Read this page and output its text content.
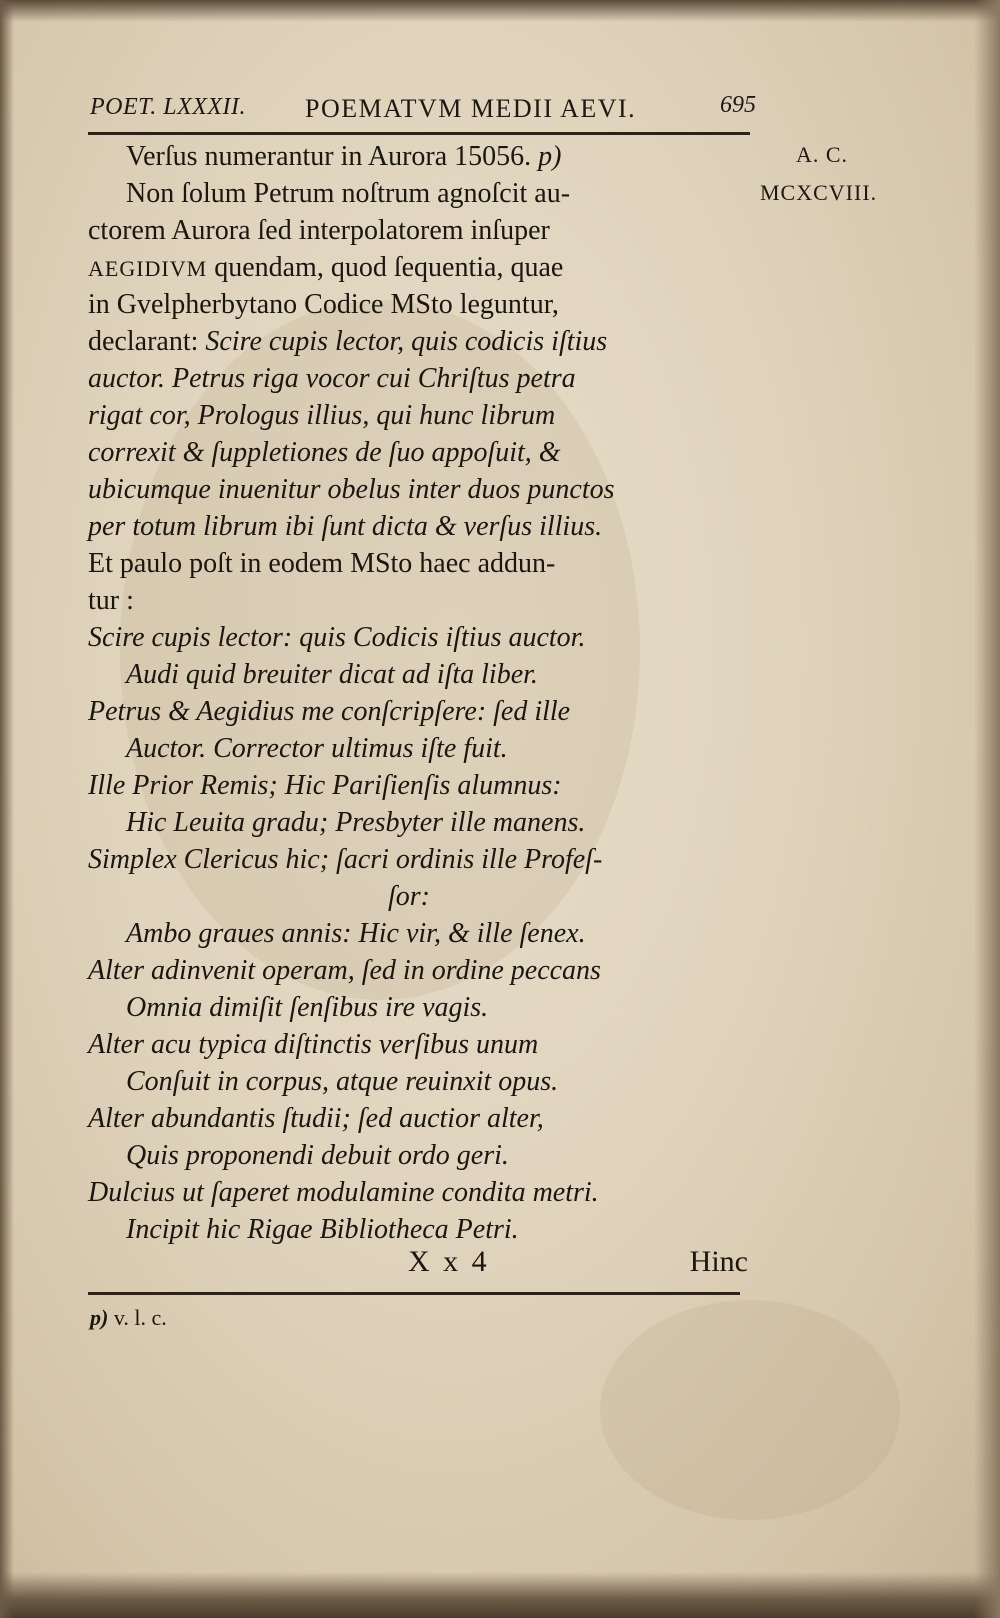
POET. LXXXII. POEMATVM MEDII AEVI.	695
A. C.
MCXCVIII.
Verſus numerantur in Aurora 15056. p)
Non ſolum Petrum noſtrum agnoſcit au-
ctorem Aurora ſed interpolatorem inſuper
AEGIDIVM quendam, quod ſequentia, quae
in Gvelpherbytano Codice MSto leguntur,
declarant: Scire cupis lector, quis codicis iſtius
auctor. Petrus riga vocor cui Chriſtus petra
rigat cor, Prologus illius, qui hunc librum
correxit & ſuppletiones de ſuo appoſuit, &
ubicumque inuenitur obelus inter duos punctos
per totum librum ibi ſunt dicta & verſus illius.
Et paulo poſt in eodem MSto haec addun-
tur :
Scire cupis lector: quis Codicis iſtius auctor.
Audi quid breuiter dicat ad iſta liber.
Petrus & Aegidius me conſcripſere: ſed ille
Auctor. Corrector ultimus iſte fuit.
Ille Prior Remis; Hic Pariſienſis alumnus:
Hic Leuita gradu; Presbyter ille manens.
Simplex Clericus hic; ſacri ordinis ille Profeſ-
ſor:
Ambo graues annis: Hic vir, & ille ſenex.
Alter adinvenit operam, ſed in ordine peccans
Omnia dimiſit ſenſibus ire vagis.
Alter acu typica diſtinctis verſibus unum
Conſuit in corpus, atque reuinxit opus.
Alter abundantis ſtudii; ſed auctior alter,
Quis proponendi debuit ordo geri.
Dulcius ut ſaperet modulamine condita metri.
Incipit hic Rigae Bibliotheca Petri.
X x 4	Hinc
p) v. l. c.
